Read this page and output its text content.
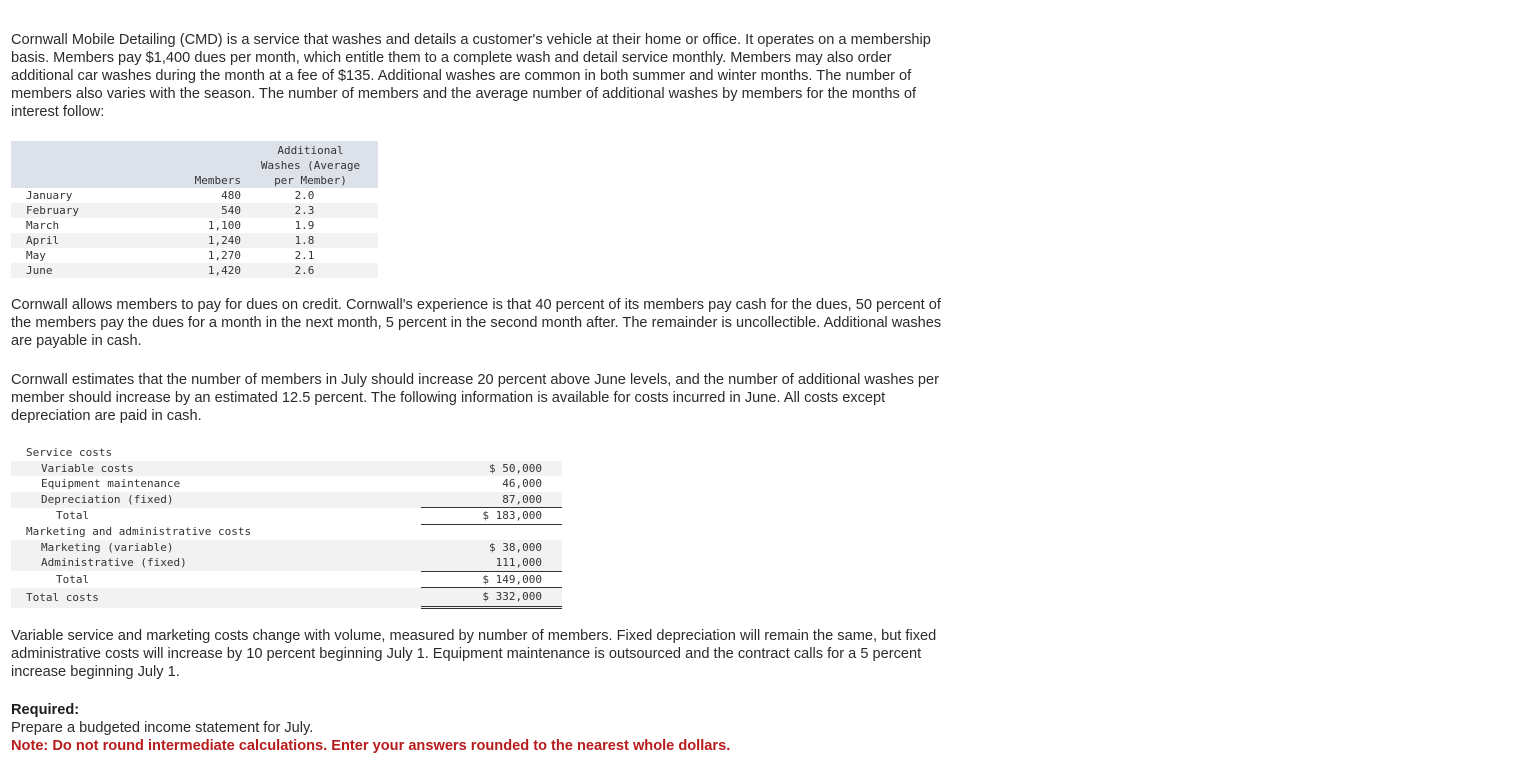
Cornwall Mobile Detailing (CMD) is a service that washes and details a customer's vehicle at their home or office. It operates on a membership basis. Members pay $1,400 dues per month, which entitle them to a complete wash and detail service monthly. Members may also order additional car washes during the month at a fee of $135. Additional washes are common in both summer and winter months. The number of members also varies with the season. The number of members and the average number of additional washes by members for the months of interest follow:

	Members	Additional Washes (Average per Member)
January	480	2.0
February	540	2.3
March	1,100	1.9
April	1,240	1.8
May	1,270	2.1
June	1,420	2.6

Cornwall allows members to pay for dues on credit. Cornwall's experience is that 40 percent of its members pay cash for the dues, 50 percent of the members pay the dues for a month in the next month, 5 percent in the second month after. The remainder is uncollectible. Additional washes are payable in cash.

Cornwall estimates that the number of members in July should increase 20 percent above June levels, and the number of additional washes per member should increase by an estimated 12.5 percent. The following information is available for costs incurred in June. All costs except depreciation are paid in cash.

Service costs		
Variable costs		$ 50,000
Equipment maintenance		46,000
Depreciation (fixed)		87,000
Total		$ 183,000
Marketing and administrative costs		
Marketing (variable)		$ 38,000
Administrative (fixed)		111,000
Total		$ 149,000
Total costs		$ 332,000

Variable service and marketing costs change with volume, measured by number of members. Fixed depreciation will remain the same, but fixed administrative costs will increase by 10 percent beginning July 1. Equipment maintenance is outsourced and the contract calls for a 5 percent increase beginning July 1.

Required:
Prepare a budgeted income statement for July.
Note: Do not round intermediate calculations. Enter your answers rounded to the nearest whole dollars.
